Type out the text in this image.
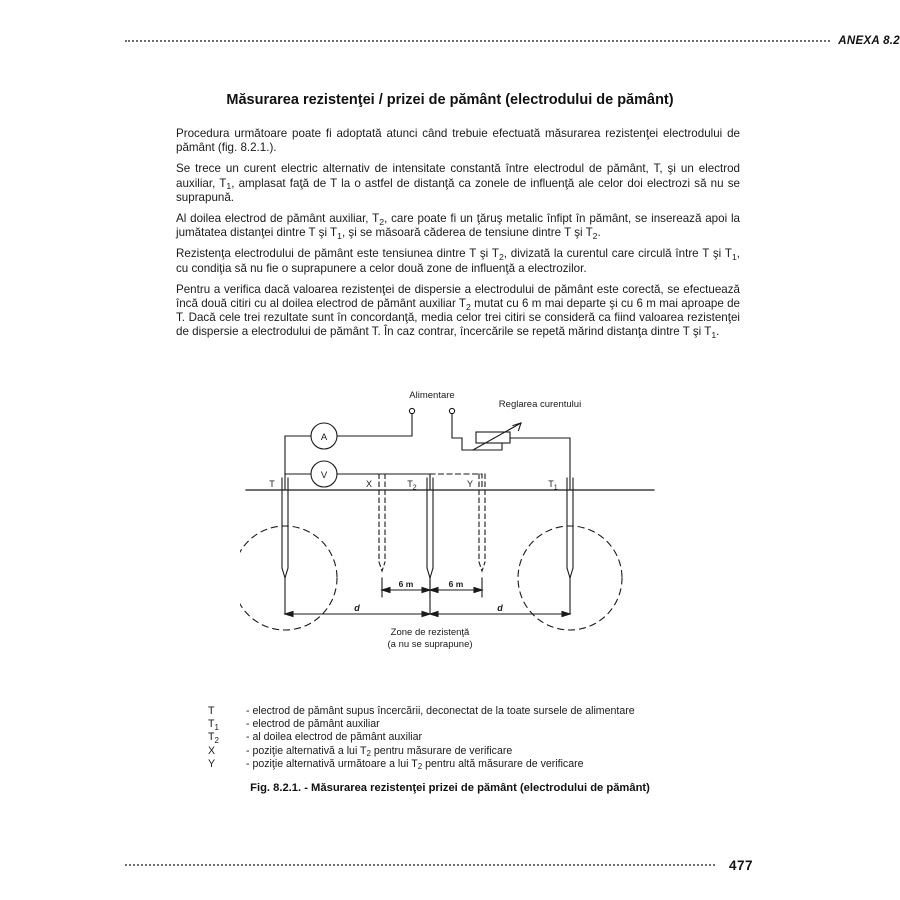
ANEXA 8.2
Măsurarea rezistenţei / prizei de pământ (electrodului de pământ)

Procedura următoare poate fi adoptată atunci când trebuie efectuată măsurarea rezistenţei electrodului de pământ (fig. 8.2.1.).

Se trece un curent electric alternativ de intensitate constantă între electrodul de pământ, T, şi un electrod auxiliar, $T_1$, amplasat faţă de T la o astfel de distanţă ca zonele de influenţă ale celor doi electrozi să nu se suprapună.

Al doilea electrod de pământ auxiliar, $T_2$, care poate fi un ţăruş metalic înfipt în pământ, se inserează apoi la jumătatea distanţei dintre T şi $T_1$, şi se măsoară căderea de tensiune dintre T şi $T_2$.

Rezistenţa electrodului de pământ este tensiunea dintre T şi $T_2$, divizată la curentul care circulă între T şi $T_1$, cu condiţia să nu fie o suprapunere a celor două zone de influenţă a electrozilor.

Pentru a verifica dacă valoarea rezistenţei de dispersie a electrodului de pământ este corectă, se efectuează încă două citiri cu al doilea electrod de pământ auxiliar $T_2$ mutat cu 6 m mai departe şi cu 6 m mai aproape de T. Dacă cele trei rezultate sunt în concordanţă, media celor trei citiri se consideră ca fiind valoarea rezistenţei de dispersie a electrodului de pământ T. În caz contrar, încercările se repetă mărind distanţa dintre T şi $T_1$.

Alimentare
Reglarea curentului
A
V
T	X	$T_2$	Y	$T_1$
6 m	6 m
d	d
Zone de rezistenţă
(a nu se suprapune)
T	- electrod de pământ supus încercării, deconectat de la toate sursele de alimentare
$T_1$	- electrod de pământ auxiliar
$T_2$	- al doilea electrod de pământ auxiliar
X	- poziţie alternativă a lui $T_2$ pentru măsurare de verificare
Y	- poziţie alternativă următoare a lui $T_2$ pentru altă măsurare de verificare
Fig. 8.2.1. - Măsurarea rezistenţei prizei de pământ (electrodului de pământ)
477
